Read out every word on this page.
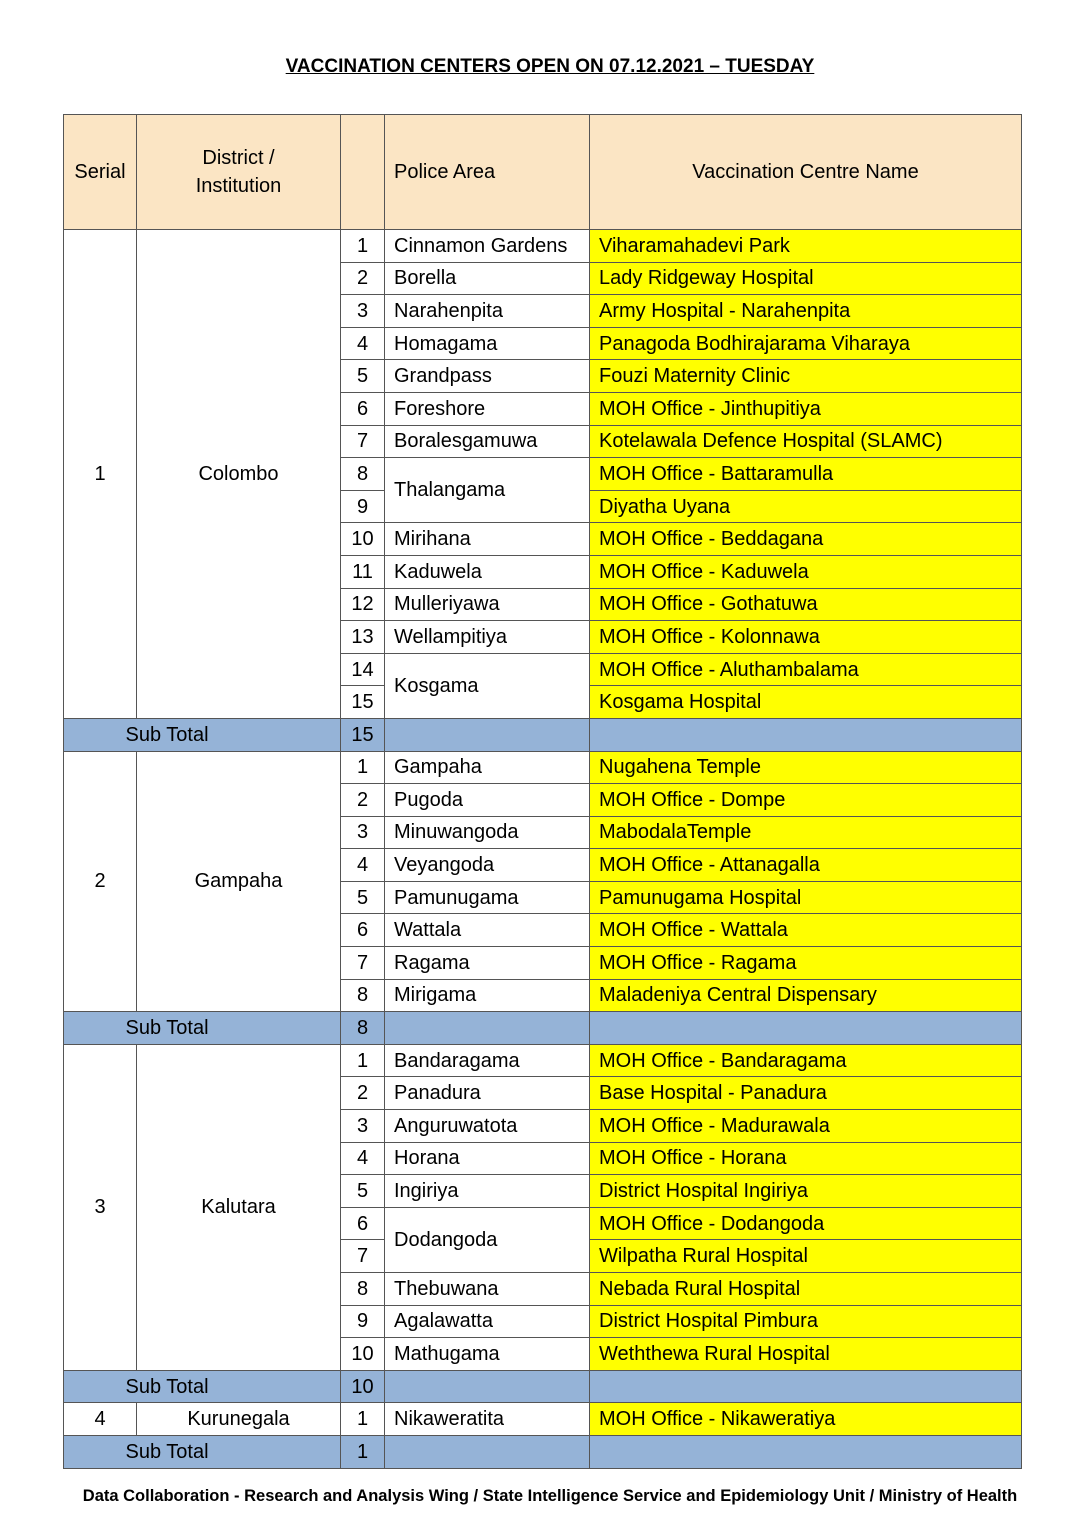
VACCINATION CENTERS OPEN ON 07.12.2021 – TUESDAY
Serial	District / Institution		Police Area	Vaccination Centre Name
1	Colombo	1	Cinnamon Gardens	Viharamahadevi Park
		2	Borella	Lady Ridgeway Hospital
		3	Narahenpita	Army Hospital - Narahenpita
		4	Homagama	Panagoda Bodhirajarama Viharaya
		5	Grandpass	Fouzi Maternity Clinic
		6	Foreshore	MOH Office - Jinthupitiya
		7	Boralesgamuwa	Kotelawala Defence Hospital (SLAMC)
		8	Thalangama	MOH Office - Battaramulla
		9		Diyatha Uyana
		10	Mirihana	MOH Office - Beddagana
		11	Kaduwela	MOH Office - Kaduwela
		12	Mulleriyawa	MOH Office - Gothatuwa
		13	Wellampitiya	MOH Office - Kolonnawa
		14	Kosgama	MOH Office - Aluthambalama
		15		Kosgama Hospital
Sub Total		15		
2	Gampaha	1	Gampaha	Nugahena Temple
		2	Pugoda	MOH Office - Dompe
		3	Minuwangoda	MabodalaTemple
		4	Veyangoda	MOH Office - Attanagalla
		5	Pamunugama	Pamunugama Hospital
		6	Wattala	MOH Office - Wattala
		7	Ragama	MOH Office - Ragama
		8	Mirigama	Maladeniya Central Dispensary
Sub Total		8		
3	Kalutara	1	Bandaragama	MOH Office - Bandaragama
		2	Panadura	Base Hospital - Panadura
		3	Anguruwatota	MOH Office - Madurawala
		4	Horana	MOH Office - Horana
		5	Ingiriya	District Hospital Ingiriya
		6	Dodangoda	MOH Office - Dodangoda
		7		Wilpatha Rural Hospital
		8	Thebuwana	Nebada Rural Hospital
		9	Agalawatta	District Hospital Pimbura
		10	Mathugama	Weththewa Rural Hospital
Sub Total		10		
4	Kurunegala	1	Nikaweratita	MOH Office - Nikaweratiya
Sub Total		1		
Data Collaboration - Research and Analysis Wing / State Intelligence Service and Epidemiology Unit / Ministry of Health
